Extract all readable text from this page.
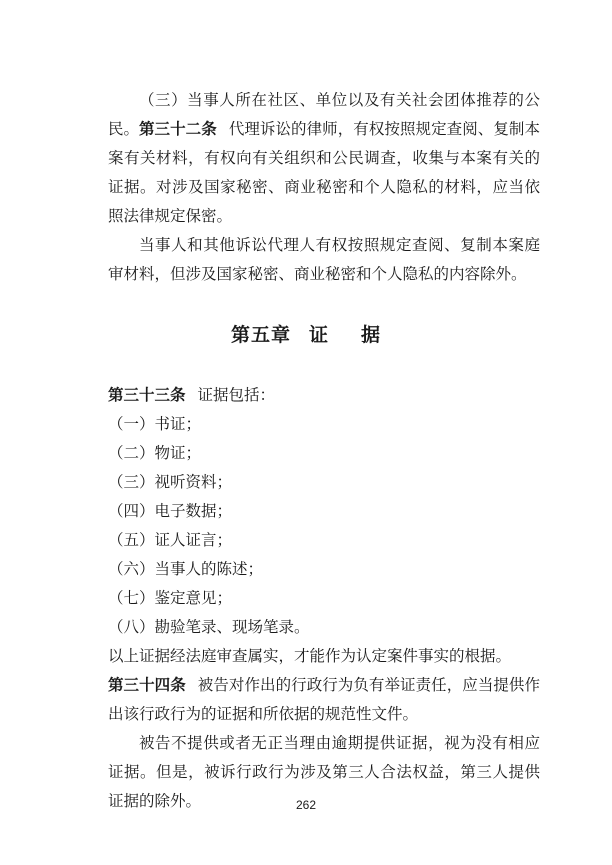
（三）当事人所在社区、单位以及有关社会团体推荐的公民。 第三十二条 代理诉讼的律师，有权按照规定查阅、复制本案有关材料，有权向有关组织和公民调查，收集与本案有关的证据。对涉及国家秘密、商业秘密和个人隐私的材料，应当依照法律规定保密。

当事人和其他诉讼代理人有权按照规定查阅、复制本案庭审材料，但涉及国家秘密、商业秘密和个人隐私的内容除外。

第五章 证 据

第三十三条 证据包括：

（一）书证；

（二）物证；

（三）视听资料；

（四）电子数据；

（五）证人证言；

（六）当事人的陈述；

（七）鉴定意见；

（八）勘验笔录、现场笔录。

以上证据经法庭审查属实，才能作为认定案件事实的根据。

第三十四条 被告对作出的行政行为负有举证责任，应当提供作出该行政行为的证据和所依据的规范性文件。

被告不提供或者无正当理由逾期提供证据，视为没有相应证据。但是，被诉行政行为涉及第三人合法权益，第三人提供证据的除外。	262
